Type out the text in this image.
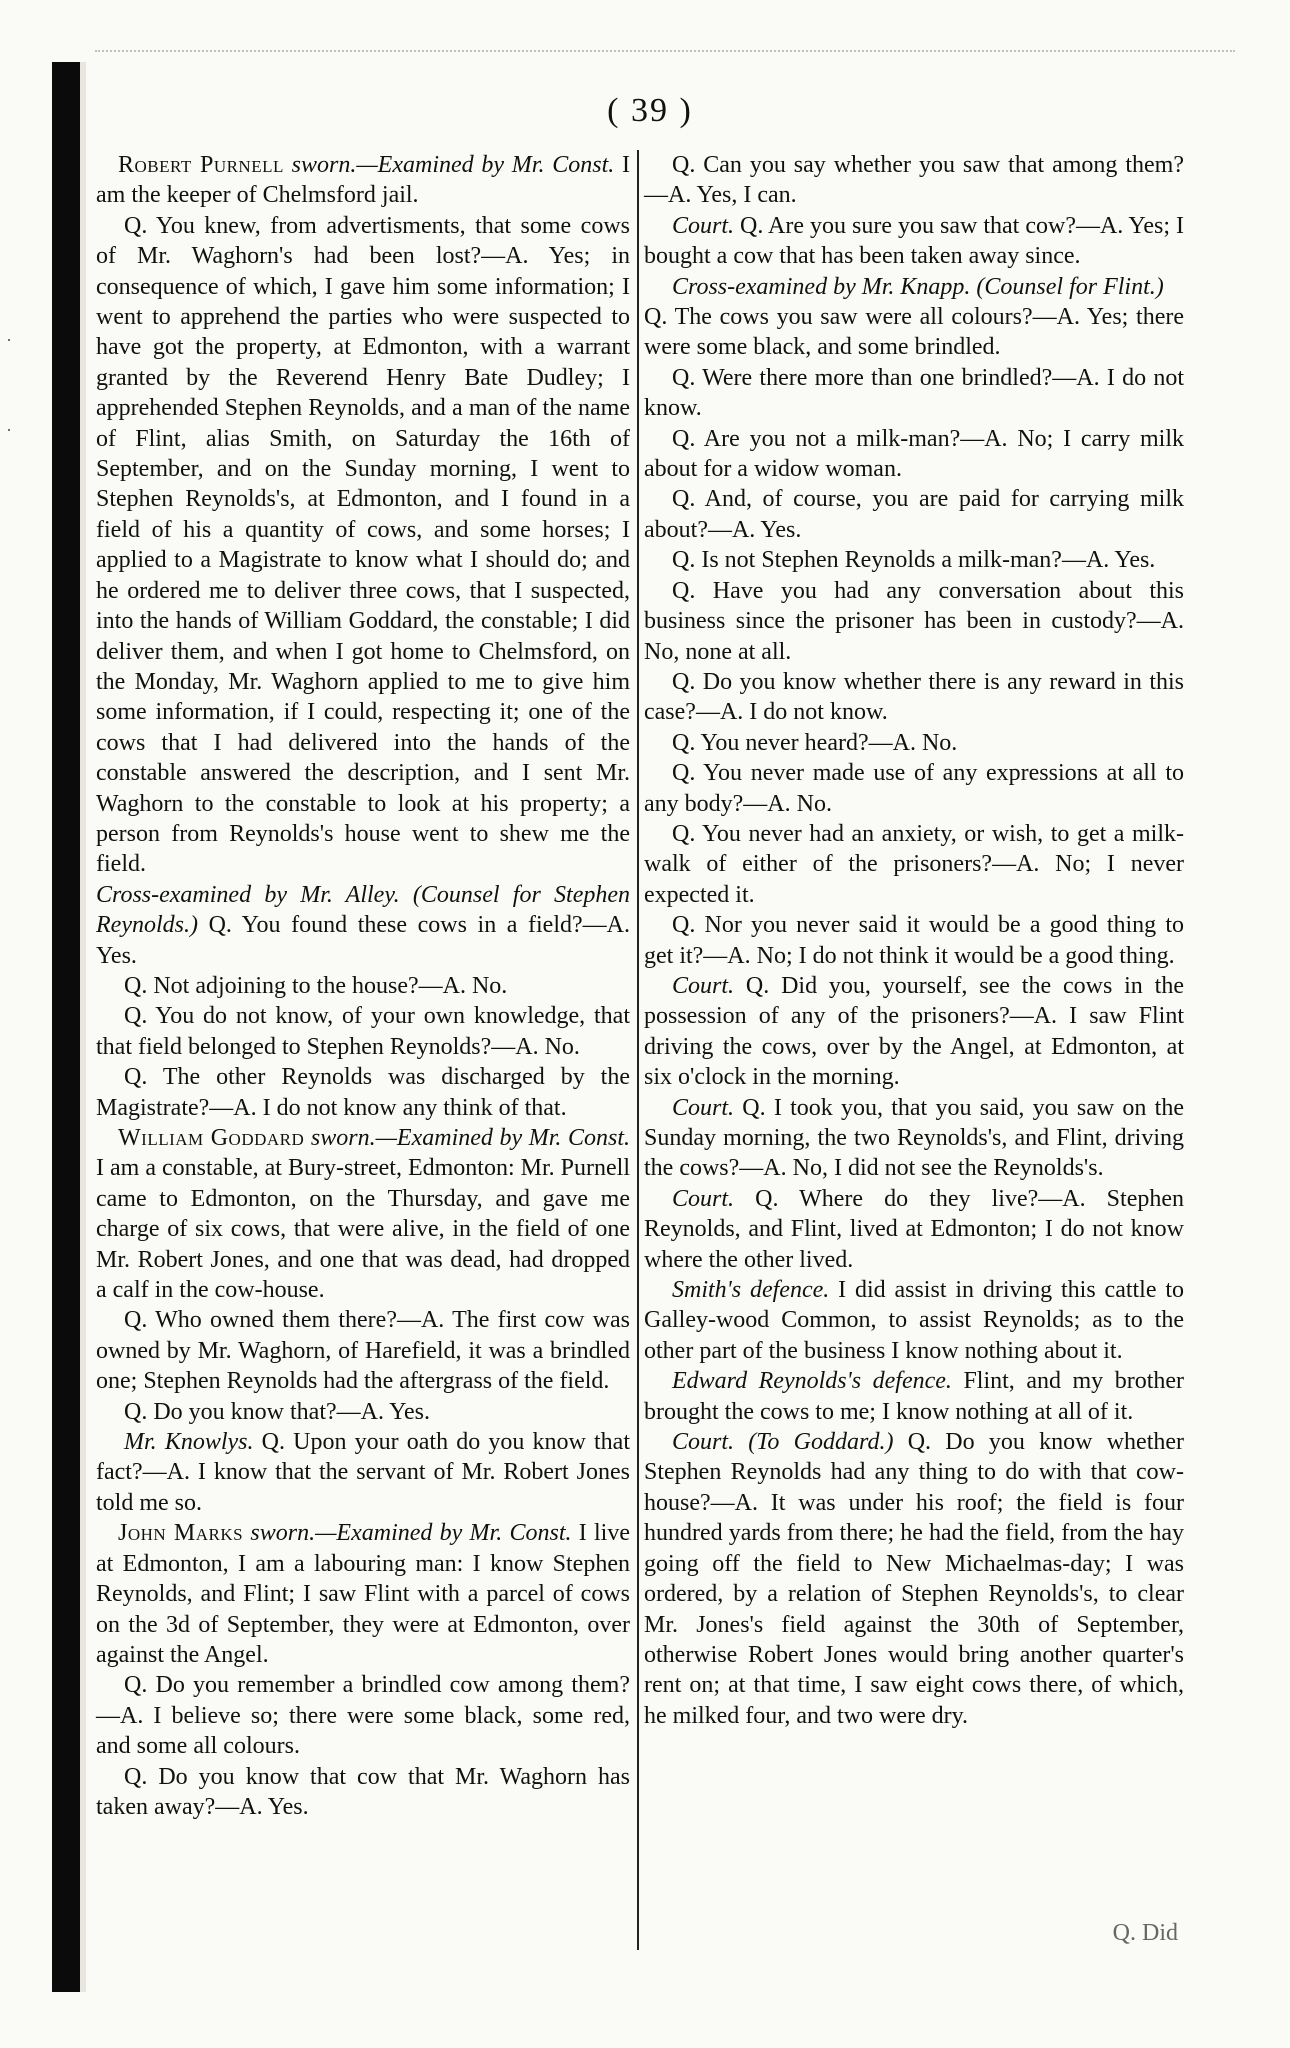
·
·
( 39 )

Robert Purnell sworn.—Examined by Mr. Const. I am the keeper of Chelmsford jail.

Q. You knew, from advertisments, that some cows of Mr. Waghorn's had been lost?—A. Yes; in consequence of which, I gave him some information; I went to apprehend the parties who were suspected to have got the property, at Edmonton, with a warrant granted by the Reverend Henry Bate Dudley; I apprehended Stephen Reynolds, and a man of the name of Flint, alias Smith, on Saturday the 16th of September, and on the Sunday morning, I went to Stephen Reynolds's, at Edmonton, and I found in a field of his a quantity of cows, and some horses; I applied to a Magistrate to know what I should do; and he ordered me to deliver three cows, that I suspected, into the hands of William Goddard, the constable; I did deliver them, and when I got home to Chelmsford, on the Monday, Mr. Waghorn applied to me to give him some information, if I could, respecting it; one of the cows that I had delivered into the hands of the constable answered the description, and I sent Mr. Waghorn to the constable to look at his property; a person from Reynolds's house went to shew me the field.

Cross-examined by Mr. Alley. (Counsel for Stephen Reynolds.) Q. You found these cows in a field?—A. Yes.

Q. Not adjoining to the house?—A. No.

Q. You do not know, of your own knowledge, that that field belonged to Stephen Reynolds?—A. No.

Q. The other Reynolds was discharged by the Magistrate?—A. I do not know any think of that.

William Goddard sworn.—Examined by Mr. Const. I am a constable, at Bury-street, Edmonton: Mr. Purnell came to Edmonton, on the Thursday, and gave me charge of six cows, that were alive, in the field of one Mr. Robert Jones, and one that was dead, had dropped a calf in the cow-house.

Q. Who owned them there?—A. The first cow was owned by Mr. Waghorn, of Harefield, it was a brindled one; Stephen Reynolds had the aftergrass of the field.

Q. Do you know that?—A. Yes.

Mr. Knowlys. Q. Upon your oath do you know that fact?—A. I know that the servant of Mr. Robert Jones told me so.

John Marks sworn.—Examined by Mr. Const. I live at Edmonton, I am a labouring man: I know Stephen Reynolds, and Flint; I saw Flint with a parcel of cows on the 3d of September, they were at Edmonton, over against the Angel.

Q. Do you remember a brindled cow among them?—A. I believe so; there were some black, some red, and some all colours.

Q. Do you know that cow that Mr. Waghorn has taken away?—A. Yes.

Q. Can you say whether you saw that among them?—A. Yes, I can.

Court. Q. Are you sure you saw that cow?—A. Yes; I bought a cow that has been taken away since.

Cross-examined by Mr. Knapp. (Counsel for Flint.)

Q. The cows you saw were all colours?—A. Yes; there were some black, and some brindled.

Q. Were there more than one brindled?—A. I do not know.

Q. Are you not a milk-man?—A. No; I carry milk about for a widow woman.

Q. And, of course, you are paid for carrying milk about?—A. Yes.

Q. Is not Stephen Reynolds a milk-man?—A. Yes.

Q. Have you had any conversation about this business since the prisoner has been in custody?—A. No, none at all.

Q. Do you know whether there is any reward in this case?—A. I do not know.

Q. You never heard?—A. No.

Q. You never made use of any expressions at all to any body?—A. No.

Q. You never had an anxiety, or wish, to get a milk-walk of either of the prisoners?—A. No; I never expected it.

Q. Nor you never said it would be a good thing to get it?—A. No; I do not think it would be a good thing.

Court. Q. Did you, yourself, see the cows in the possession of any of the prisoners?—A. I saw Flint driving the cows, over by the Angel, at Edmonton, at six o'clock in the morning.

Court. Q. I took you, that you said, you saw on the Sunday morning, the two Reynolds's, and Flint, driving the cows?—A. No, I did not see the Reynolds's.

Court. Q. Where do they live?—A. Stephen Reynolds, and Flint, lived at Edmonton; I do not know where the other lived.

Smith's defence. I did assist in driving this cattle to Galley-wood Common, to assist Reynolds; as to the other part of the business I know nothing about it.

Edward Reynolds's defence. Flint, and my brother brought the cows to me; I know nothing at all of it.

Court. (To Goddard.) Q. Do you know whether Stephen Reynolds had any thing to do with that cow-house?—A. It was under his roof; the field is four hundred yards from there; he had the field, from the hay going off the field to New Michaelmas-day; I was ordered, by a relation of Stephen Reynolds's, to clear Mr. Jones's field against the 30th of September, otherwise Robert Jones would bring another quarter's rent on; at that time, I saw eight cows there, of which, he milked four, and two were dry.

Q. Did
